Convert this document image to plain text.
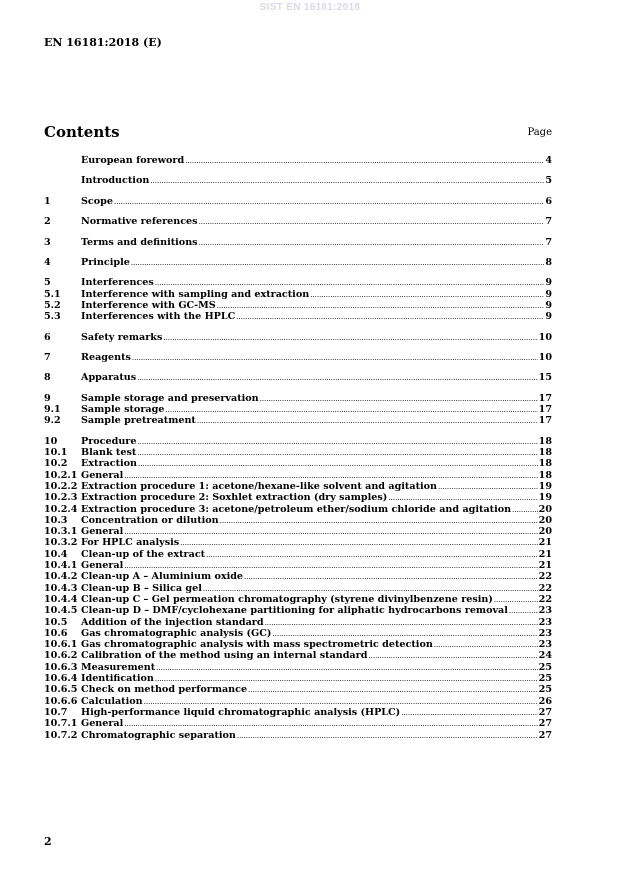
SIST EN 16181:2018
EN 16181:2018 (E)
Contents	Page
European foreword .....	4
Introduction .....	5
1	Scope .....	6
2	Normative references .....	7
3	Terms and definitions .....	7
4	Principle .....	8
5	Interferences .....	9
5.1	Interference with sampling and extraction .....	9
5.2	Interference with GC-MS .....	9
5.3	Interferences with the HPLC .....	9
6	Safety remarks .....	10
7	Reagents .....	10
8	Apparatus .....	15
9	Sample storage and preservation .....	17
9.1	Sample storage .....	17
9.2	Sample pretreatment .....	17
10	Procedure .....	18
10.1	Blank test .....	18
10.2	Extraction .....	18
10.2.1 General .....	18
10.2.2 Extraction procedure 1: acetone/hexane-like solvent and agitation .....	19
10.2.3 Extraction procedure 2: Soxhlet extraction (dry samples) .....	19
10.2.4 Extraction procedure 3: acetone/petroleum ether/sodium chloride and agitation .....	20
10.3	Concentration or dilution .....	20
10.3.1 General .....	20
10.3.2 For HPLC analysis .....	21
10.4	Clean-up of the extract .....	21
10.4.1 General .....	21
10.4.2 Clean-up A – Aluminium oxide .....	22
10.4.3 Clean-up B – Silica gel .....	22
10.4.4 Clean-up C – Gel permeation chromatography (styrene divinylbenzene resin) .....	22
10.4.5 Clean-up D – DMF/cyclohexane partitioning for aliphatic hydrocarbons removal .....	23
10.5	Addition of the injection standard .....	23
10.6	Gas chromatographic analysis (GC) .....	23
10.6.1 Gas chromatographic analysis with mass spectrometric detection .....	23
10.6.2 Calibration of the method using an internal standard .....	24
10.6.3 Measurement .....	25
10.6.4 Identification .....	25
10.6.5 Check on method performance .....	25
10.6.6 Calculation .....	26
10.7	High-performance liquid chromatographic analysis (HPLC) .....	27
10.7.1 General .....	27
10.7.2 Chromatographic separation .....	27
2
